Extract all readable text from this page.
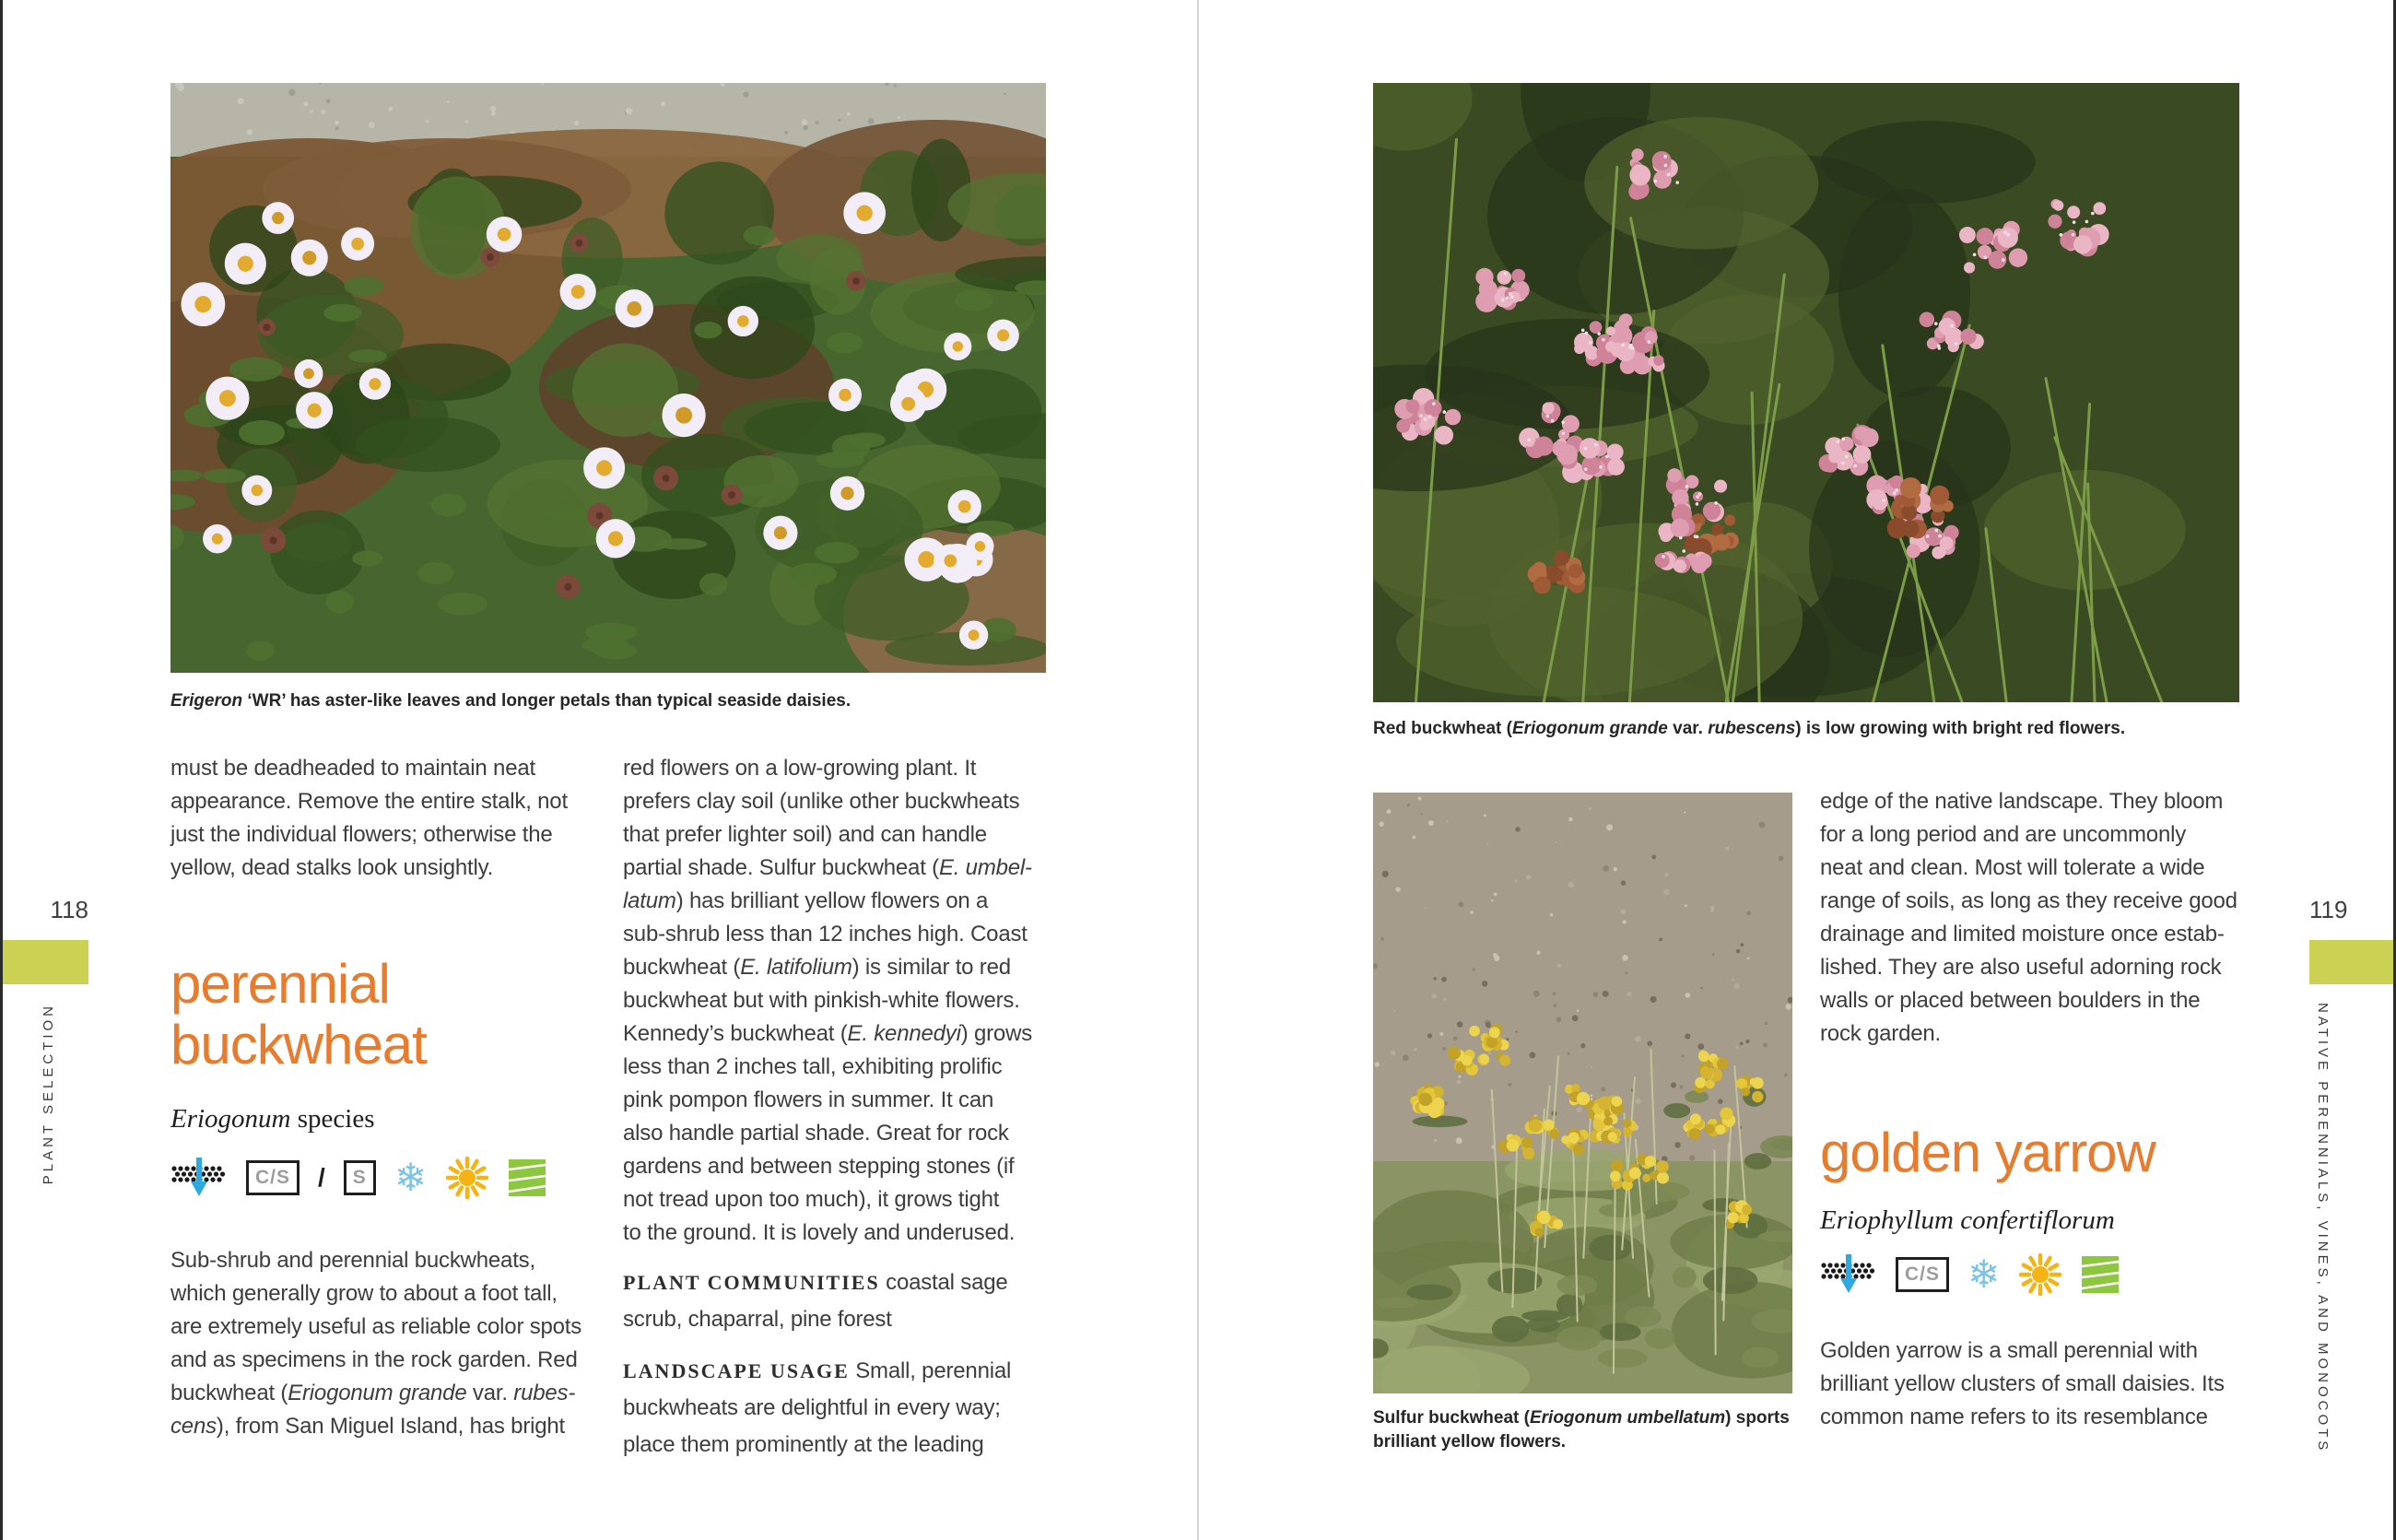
Erigeron ‘WR’ has aster-like leaves and longer petals than typical seaside daisies.
must be deadheaded to maintain neat
appearance. Remove the entire stalk, not
just the individual flowers; otherwise the
yellow, dead stalks look unsightly.
perennial
buckwheat
Eriogonum species
C/S / S ❄
Sub-shrub and perennial buckwheats,
which generally grow to about a foot tall,
are extremely useful as reliable color spots
and as specimens in the rock garden. Red
buckwheat (Eriogonum grande var. rubes-
cens), from San Miguel Island, has bright
red flowers on a low-growing plant. It
prefers clay soil (unlike other buckwheats
that prefer lighter soil) and can handle
partial shade. Sulfur buckwheat (E. umbel-
latum) has brilliant yellow flowers on a
sub-shrub less than 12 inches high. Coast
buckwheat (E. latifolium) is similar to red
buckwheat but with pinkish-white flowers.
Kennedy’s buckwheat (E. kennedyi) grows
less than 2 inches tall, exhibiting prolific
pink pompon flowers in summer. It can
also handle partial shade. Great for rock
gardens and between stepping stones (if
not tread upon too much), it grows tight
to the ground. It is lovely and underused.
PLANT COMMUNITIES coastal sage
scrub, chaparral, pine forest
LANDSCAPE USAGE Small, perennial
buckwheats are delightful in every way;
place them prominently at the leading
118
PLANT SELECTION
Red buckwheat (Eriogonum grande var. rubescens) is low growing with bright red flowers.
Sulfur buckwheat (Eriogonum umbellatum) sports
brilliant yellow flowers.
edge of the native landscape. They bloom
for a long period and are uncommonly
neat and clean. Most will tolerate a wide
range of soils, as long as they receive good
drainage and limited moisture once estab-
lished. They are also useful adorning rock
walls or placed between boulders in the
rock garden.
golden yarrow
Eriophyllum confertiflorum
C/S ❄
Golden yarrow is a small perennial with
brilliant yellow clusters of small daisies. Its
common name refers to its resemblance
119
NATIVE PERENNIALS, VINES, AND MONOCOTS
